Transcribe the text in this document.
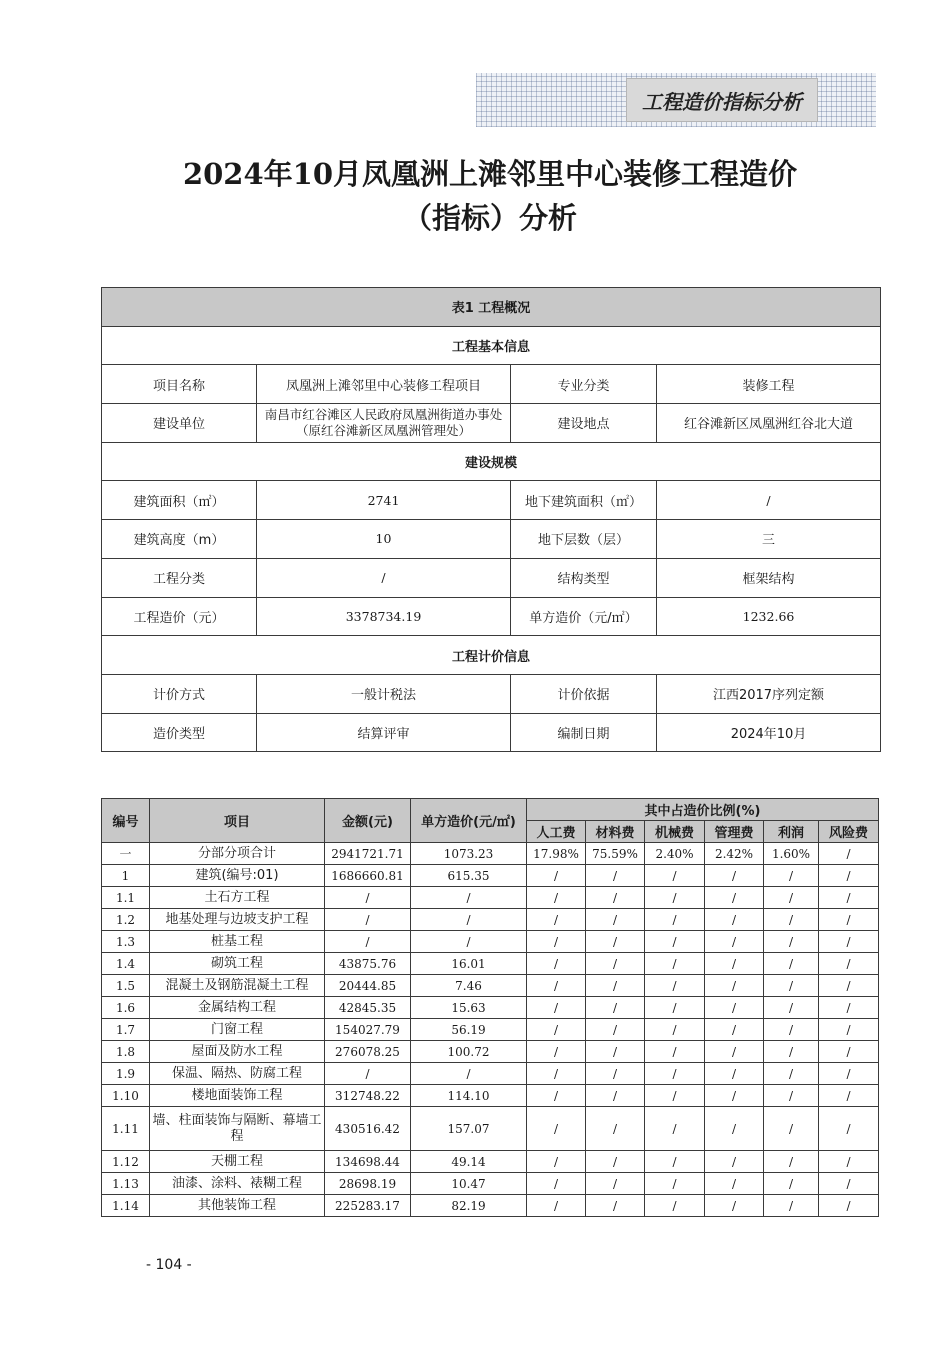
工程造价指标分析
2024年10月凤凰洲上滩邻里中心装修工程造价
（指标）分析
表1 工程概况			
工程基本信息			
项目名称	凤凰洲上滩邻里中心装修工程项目	专业分类	装修工程
建设单位	南昌市红谷滩区人民政府凤凰洲街道办事处（原红谷滩新区凤凰洲管理处）	建设地点	红谷滩新区凤凰洲红谷北大道
建设规模			
建筑面积（㎡）	2741	地下建筑面积（㎡）	/
建筑高度（m）	10	地下层数（层）	三
工程分类	/	结构类型	框架结构
工程造价（元）	3378734.19	单方造价（元/㎡）	1232.66
工程计价信息			
计价方式	一般计税法	计价依据	江西2017序列定额
造价类型	结算评审	编制日期	2024年10月
编号	项目	金额(元)	单方造价(元/㎡)	其中占造价比例(%)					
				人工费	材料费	机械费	管理费	利润	风险费
一	分部分项合计	2941721.71	1073.23	17.98%	75.59%	2.40%	2.42%	1.60%	/
1	建筑(编号:01)	1686660.81	615.35	/	/	/	/	/	/
1.1	土石方工程	/	/	/	/	/	/	/	/
1.2	地基处理与边坡支护工程	/	/	/	/	/	/	/	/
1.3	桩基工程	/	/	/	/	/	/	/	/
1.4	砌筑工程	43875.76	16.01	/	/	/	/	/	/
1.5	混凝土及钢筋混凝土工程	20444.85	7.46	/	/	/	/	/	/
1.6	金属结构工程	42845.35	15.63	/	/	/	/	/	/
1.7	门窗工程	154027.79	56.19	/	/	/	/	/	/
1.8	屋面及防水工程	276078.25	100.72	/	/	/	/	/	/
1.9	保温、隔热、防腐工程	/	/	/	/	/	/	/	/
1.10	楼地面装饰工程	312748.22	114.10	/	/	/	/	/	/
1.11	墙、柱面装饰与隔断、幕墙工程	430516.42	157.07	/	/	/	/	/	/
1.12	天棚工程	134698.44	49.14	/	/	/	/	/	/
1.13	油漆、涂料、裱糊工程	28698.19	10.47	/	/	/	/	/	/
1.14	其他装饰工程	225283.17	82.19	/	/	/	/	/	/
- 104 -
